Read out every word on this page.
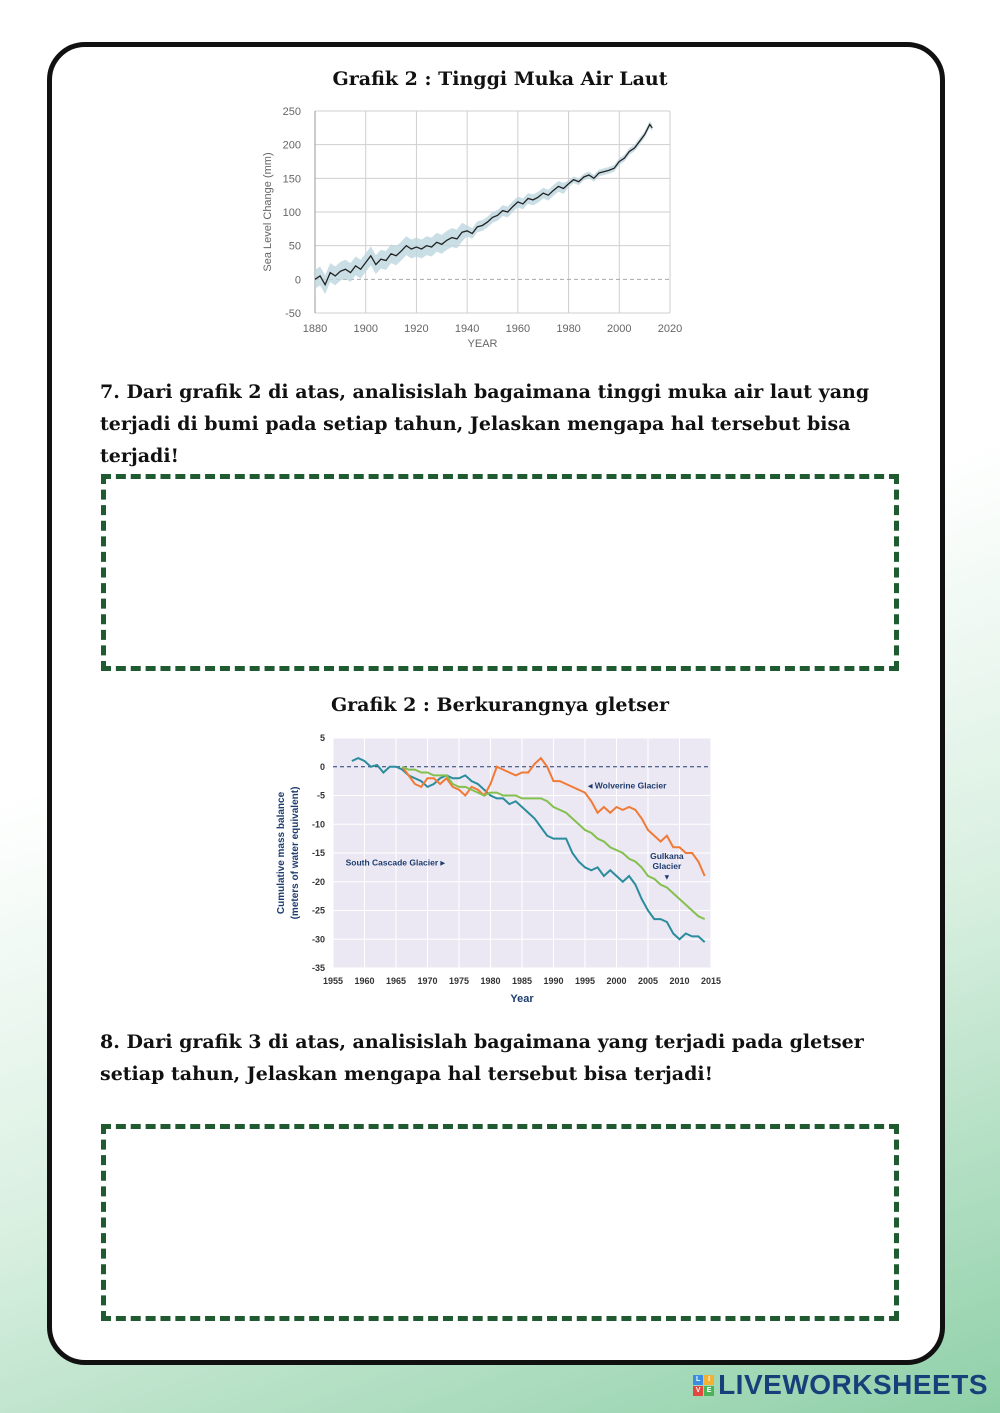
Grafik 2 : Tinggi Muka Air Laut
1880 1900 1920 1940 1960 1980 2000 2020
250
200
150
100
50
0
-50
YEAR
Sea Level Change (mm)

7. Dari grafik 2 di atas, analisislah bagaimana tinggi muka air laut yang terjadi di bumi pada setiap tahun, Jelaskan mengapa hal tersebut bisa terjadi!

Grafik 2 : Berkurangnya gletser
1955 1960 1965 1970 1975 1980 1985 1990 1995 2000 2005 2010 2015
5
0
-5
-10
-15
-20
-25
-30
-35
◂ Wolverine Glacier
South Cascade Glacier ▸
Gulkana
Glacier
▾
Year
Cumulative mass balance (meters of water equivalent)

8. Dari grafik 3 di atas, analisislah bagaimana yang terjadi pada gletser setiap tahun, Jelaskan mengapa hal tersebut bisa terjadi!

L	I
V E LIVEWORKSHEETS
